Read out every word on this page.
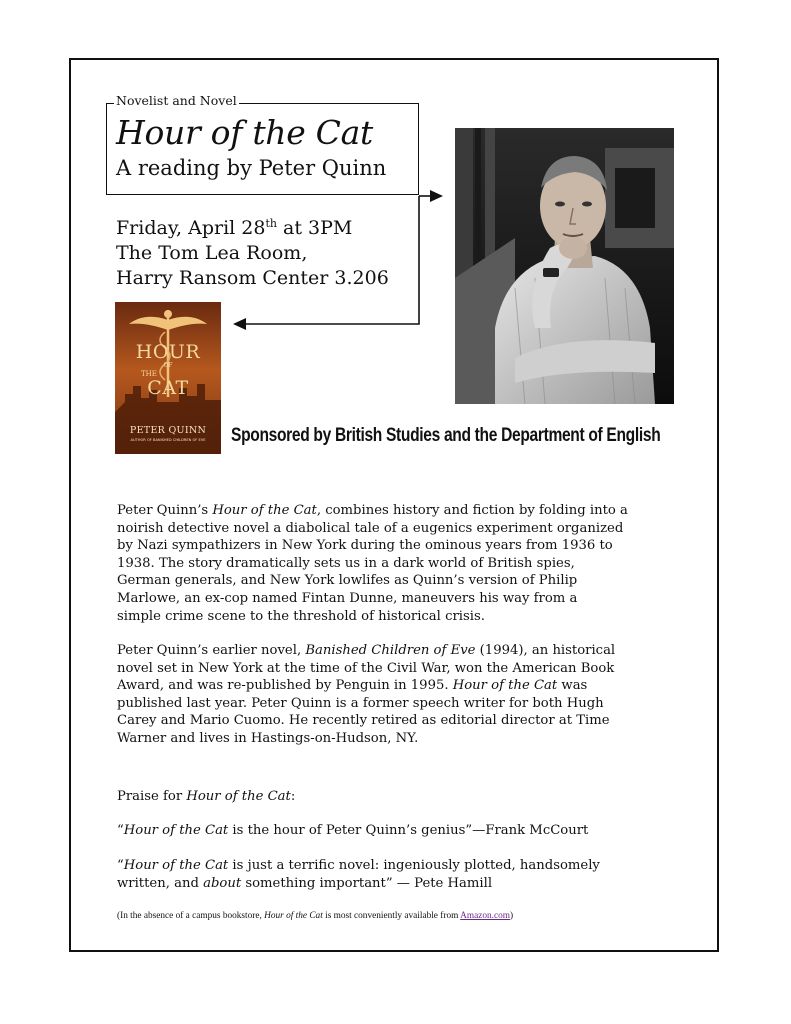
Novelist and Novel
Hour of the Cat
A reading by Peter Quinn
Friday, April 28th at 3PM
The Tom Lea Room,
Harry Ransom Center 3.206
HOUR
OF
THE
CAT
PETER QUINN
AUTHOR OF BANISHED CHILDREN OF EVE	Sponsored by British Studies and the Department of English
Peter Quinn’s Hour of the Cat, combines history and fiction by folding into a
noirish detective novel a diabolical tale of a eugenics experiment organized
by Nazi sympathizers in New York during the ominous years from 1936 to
1938. The story dramatically sets us in a dark world of British spies,
German generals, and New York lowlifes as Quinn’s version of Philip
Marlowe, an ex-cop named Fintan Dunne, maneuvers his way from a
simple crime scene to the threshold of historical crisis.
Peter Quinn’s earlier novel, Banished Children of Eve (1994), an historical
novel set in New York at the time of the Civil War, won the American Book
Award, and was re-published by Penguin in 1995. Hour of the Cat was
published last year. Peter Quinn is a former speech writer for both Hugh
Carey and Mario Cuomo. He recently retired as editorial director at Time
Warner and lives in Hastings-on-Hudson, NY.
Praise for Hour of the Cat:
“Hour of the Cat is the hour of Peter Quinn’s genius”—Frank McCourt
“Hour of the Cat is just a terrific novel: ingeniously plotted, handsomely
written, and about something important” — Pete Hamill
(In the absence of a campus bookstore, Hour of the Cat is most conveniently available from Amazon.com)
